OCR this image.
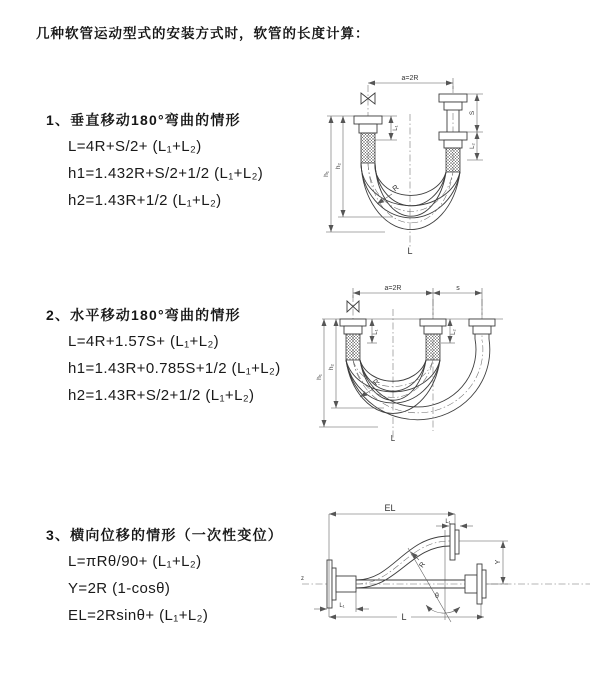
几种软管运动型式的安装方式时，软管的长度计算：
1、垂直移动180°弯曲的情形
L=4R+S/2+ (L₁+L₂)
h1=1.432R+S/2+1/2 (L₁+L₂)
h2=1.43R+1/2 (L₁+L₂)
2、水平移动180°弯曲的情形
L=4R+1.57S+ (L₁+L₂)
h1=1.43R+0.785S+1/2 (L₁+L₂)
h2=1.43R+S/2+1/2 (L₁+L₂)
3、横向位移的情形（一次性变位）
L=πRθ/90+ (L₁+L₂)
Y=2R (1-cosθ)
EL=2Rsinθ+ (L₁+L₂)
a=2R
L₁
h₁
h₂
S
L₂
R
L
a=2R	s
h₁
h₂
L₁	L₂
R
L
z
EL
L₁
Y
θ
R
L
L₁
